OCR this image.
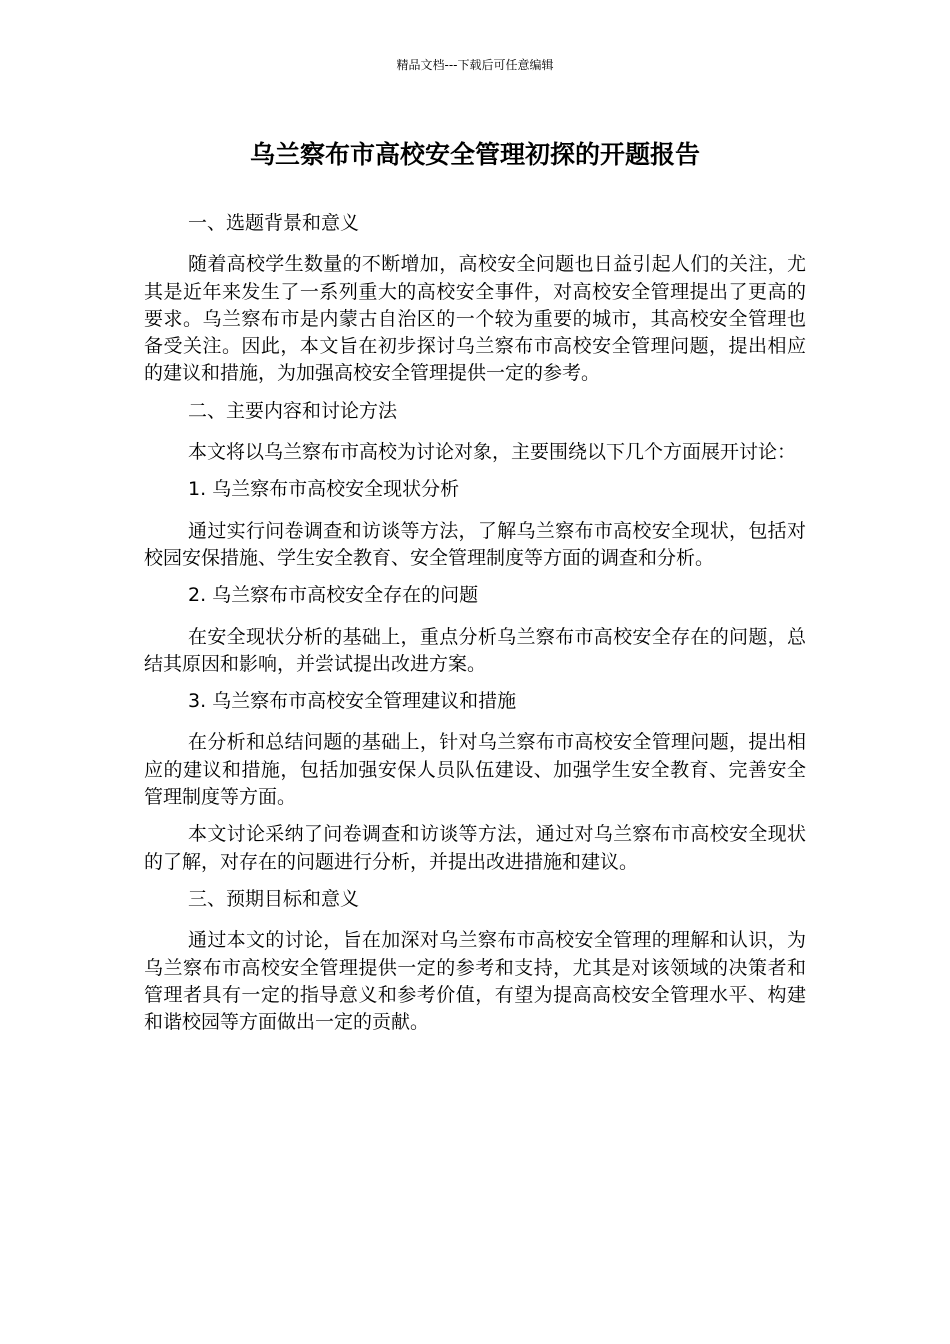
精品文档---下载后可任意编辑
乌兰察布市高校安全管理初探的开题报告

一、选题背景和意义

随着高校学生数量的不断增加，高校安全问题也日益引起人们的关注，尤其是近年来发生了一系列重大的高校安全事件，对高校安全管理提出了更高的要求。乌兰察布市是内蒙古自治区的一个较为重要的城市，其高校安全管理也备受关注。因此，本文旨在初步探讨乌兰察布市高校安全管理问题，提出相应的建议和措施，为加强高校安全管理提供一定的参考。

二、主要内容和讨论方法

本文将以乌兰察布市高校为讨论对象，主要围绕以下几个方面展开讨论：

1. 乌兰察布市高校安全现状分析

通过实行问卷调查和访谈等方法，了解乌兰察布市高校安全现状，包括对校园安保措施、学生安全教育、安全管理制度等方面的调查和分析。

2. 乌兰察布市高校安全存在的问题

在安全现状分析的基础上，重点分析乌兰察布市高校安全存在的问题，总结其原因和影响，并尝试提出改进方案。

3. 乌兰察布市高校安全管理建议和措施

在分析和总结问题的基础上，针对乌兰察布市高校安全管理问题，提出相应的建议和措施，包括加强安保人员队伍建设、加强学生安全教育、完善安全管理制度等方面。

本文讨论采纳了问卷调查和访谈等方法，通过对乌兰察布市高校安全现状的了解，对存在的问题进行分析，并提出改进措施和建议。

三、预期目标和意义

通过本文的讨论，旨在加深对乌兰察布市高校安全管理的理解和认识，为乌兰察布市高校安全管理提供一定的参考和支持，尤其是对该领域的决策者和管理者具有一定的指导意义和参考价值，有望为提高高校安全管理水平、构建和谐校园等方面做出一定的贡献。
